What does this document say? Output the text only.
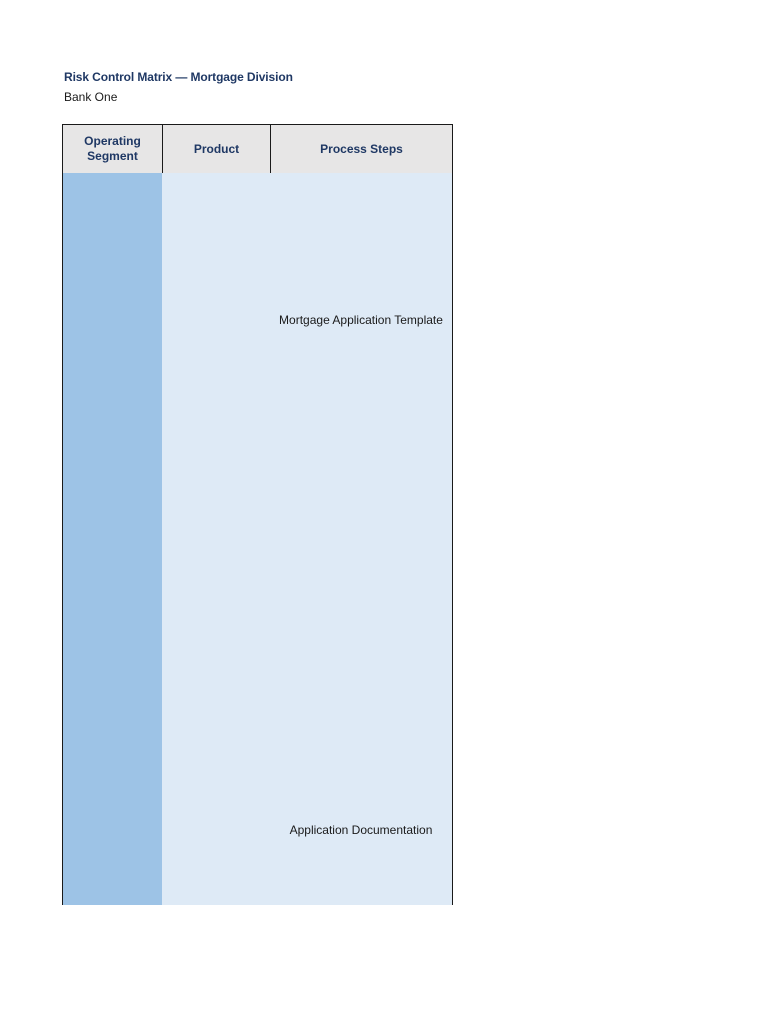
Risk Control Matrix — Mortgage Division
Bank One
Operating Segment
Product	Process Steps
Mortgage Application Template
Application Documentation
